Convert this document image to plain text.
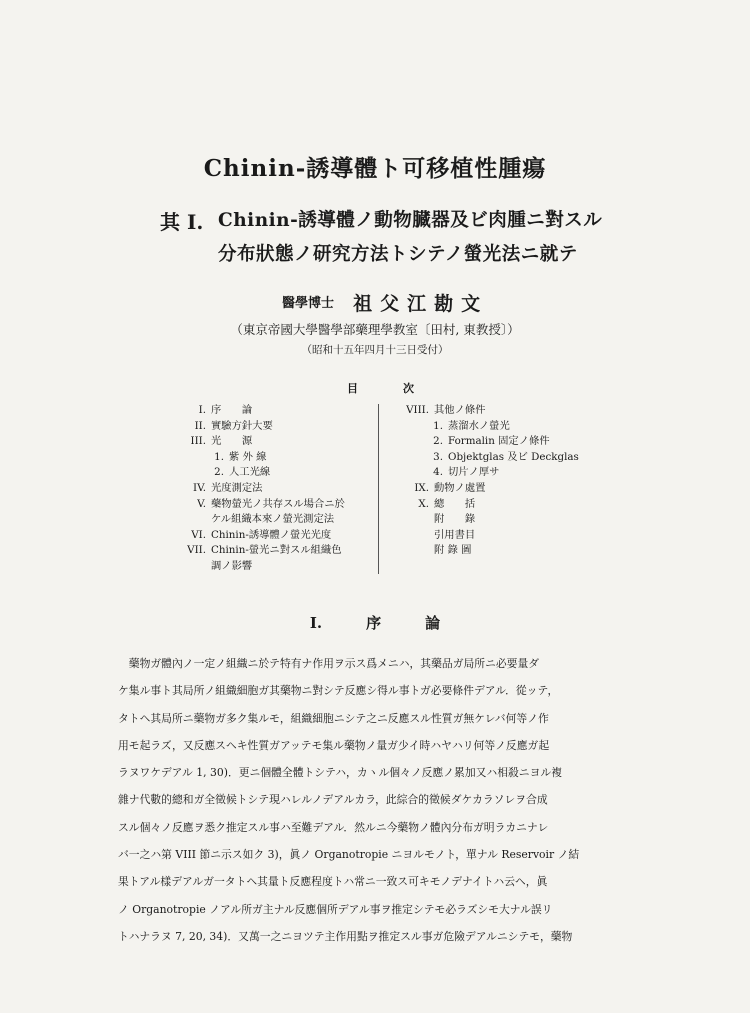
Chinin-誘導體ト可移植性腫瘍
其 I. Chinin-誘導體ノ動物臓器及ビ肉腫ニ對スル
分布狀態ノ研究方法トシテノ螢光法ニ就テ
醫學博士 祖父江勘文
（東京帝國大學醫學部藥理學教室〔田村, 東教授〕）
（昭和十五年四月十三日受付）
目	次
I. 序　　論
II. 實驗方針大要
III. 光　　源
1. 紫 外 線
2. 人工光線
IV. 光度測定法
V. 藥物螢光ノ共存スル場合ニ於
ケル組織本來ノ螢光測定法
VI. Chinin-誘導體ノ螢光光度
VII. Chinin-螢光ニ對スル組織色
調ノ影響
VIII. 其他ノ條件
1. 蒸溜水ノ螢光
2. Formalin 固定ノ條件
3. Objektglas 及ビ Deckglas
4. 切片ノ厚サ
IX. 動物ノ處置
X. 總　　括
附　　錄
引用書目
附 錄 圖
I.	序	論
　藥物ガ體內ノ一定ノ組織ニ於テ特有ナ作用ヲ示ス爲メニハ，其藥品ガ局所ニ必要量ダ
ケ集ル事ト其局所ノ組織細胞ガ其藥物ニ對シテ反應シ得ル事トガ必要條件デアル．從ッテ，
タトヘ其局所ニ藥物ガ多ク集ルモ，組織細胞ニシテ之ニ反應スル性質ガ無ケレバ何等ノ作
用モ起ラズ，又反應スヘキ性質ガアッテモ集ル藥物ノ量ガ少イ時ハヤハリ何等ノ反應ガ起
ラヌワケデアル 1, 30)．更ニ個體全體トシテハ，カヽル個々ノ反應ノ累加又ハ相殺ニヨル複
雜ナ代數的總和ガ全徵候トシテ現ハレルノデアルカラ，此綜合的徵候ダケカラソレヲ合成
スル個々ノ反應ヲ悉ク推定スル事ハ至難デアル．然ルニ今藥物ノ體內分布ガ明ラカニナレ
バ一之ハ第 VIII 節ニ示ス如ク 3)，眞ノ Organotropie ニヨルモノト，單ナル Reservoir ノ結
果トアル樣デアルガ一タトヘ其量ト反應程度トハ常ニ一致ス可キモノデナイトハ云ヘ，眞
ノ Organotropie ノアル所ガ主ナル反應個所デアル事ヲ推定シテモ必ラズシモ大ナル誤リ
トハナラヌ 7, 20, 34)．又萬一之ニヨツテ主作用點ヲ推定スル事ガ危險デアルニシテモ，藥物
